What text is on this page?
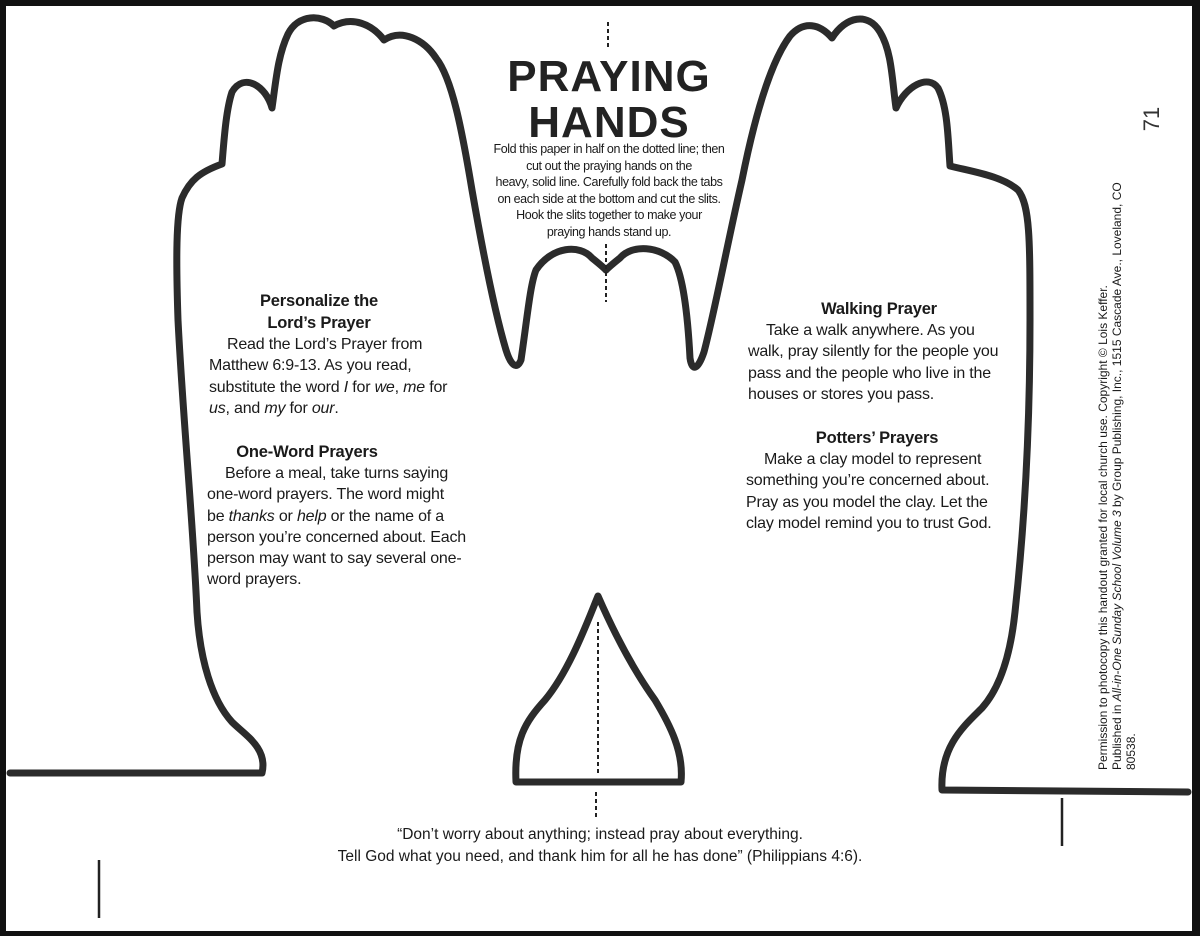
PRAYING
HANDS
Fold this paper in half on the dotted line; then
cut out the praying hands on the
heavy, solid line. Carefully fold back the tabs
on each side at the bottom and cut the slits.
Hook the slits together to make your
praying hands stand up.
Personalize the
Lord’s Prayer

Read the Lord’s Prayer from
Matthew 6:9-13. As you read,
substitute the word I for we, me for
us, and my for our.

One-Word Prayers

Before a meal, take turns saying
one-word prayers. The word might
be thanks or help or the name of a
person you’re concerned about. Each
person may want to say several one-
word prayers.

Walking Prayer

Take a walk anywhere. As you
walk, pray silently for the people you
pass and the people who live in the
houses or stores you pass.

Potters’ Prayers

Make a clay model to represent
something you’re concerned about.
Pray as you model the clay. Let the
clay model remind you to trust God.

“Don’t worry about anything; instead pray about everything.
Tell God what you need, and thank him for all he has done” (Philippians 4:6).
71
Permission to photocopy this handout granted for local church use. Copyright © Lois Keffer. Published in All-in-One Sunday School Volume 3 by Group Publishing, Inc., 1515 Cascade Ave., Loveland, CO 80538.
